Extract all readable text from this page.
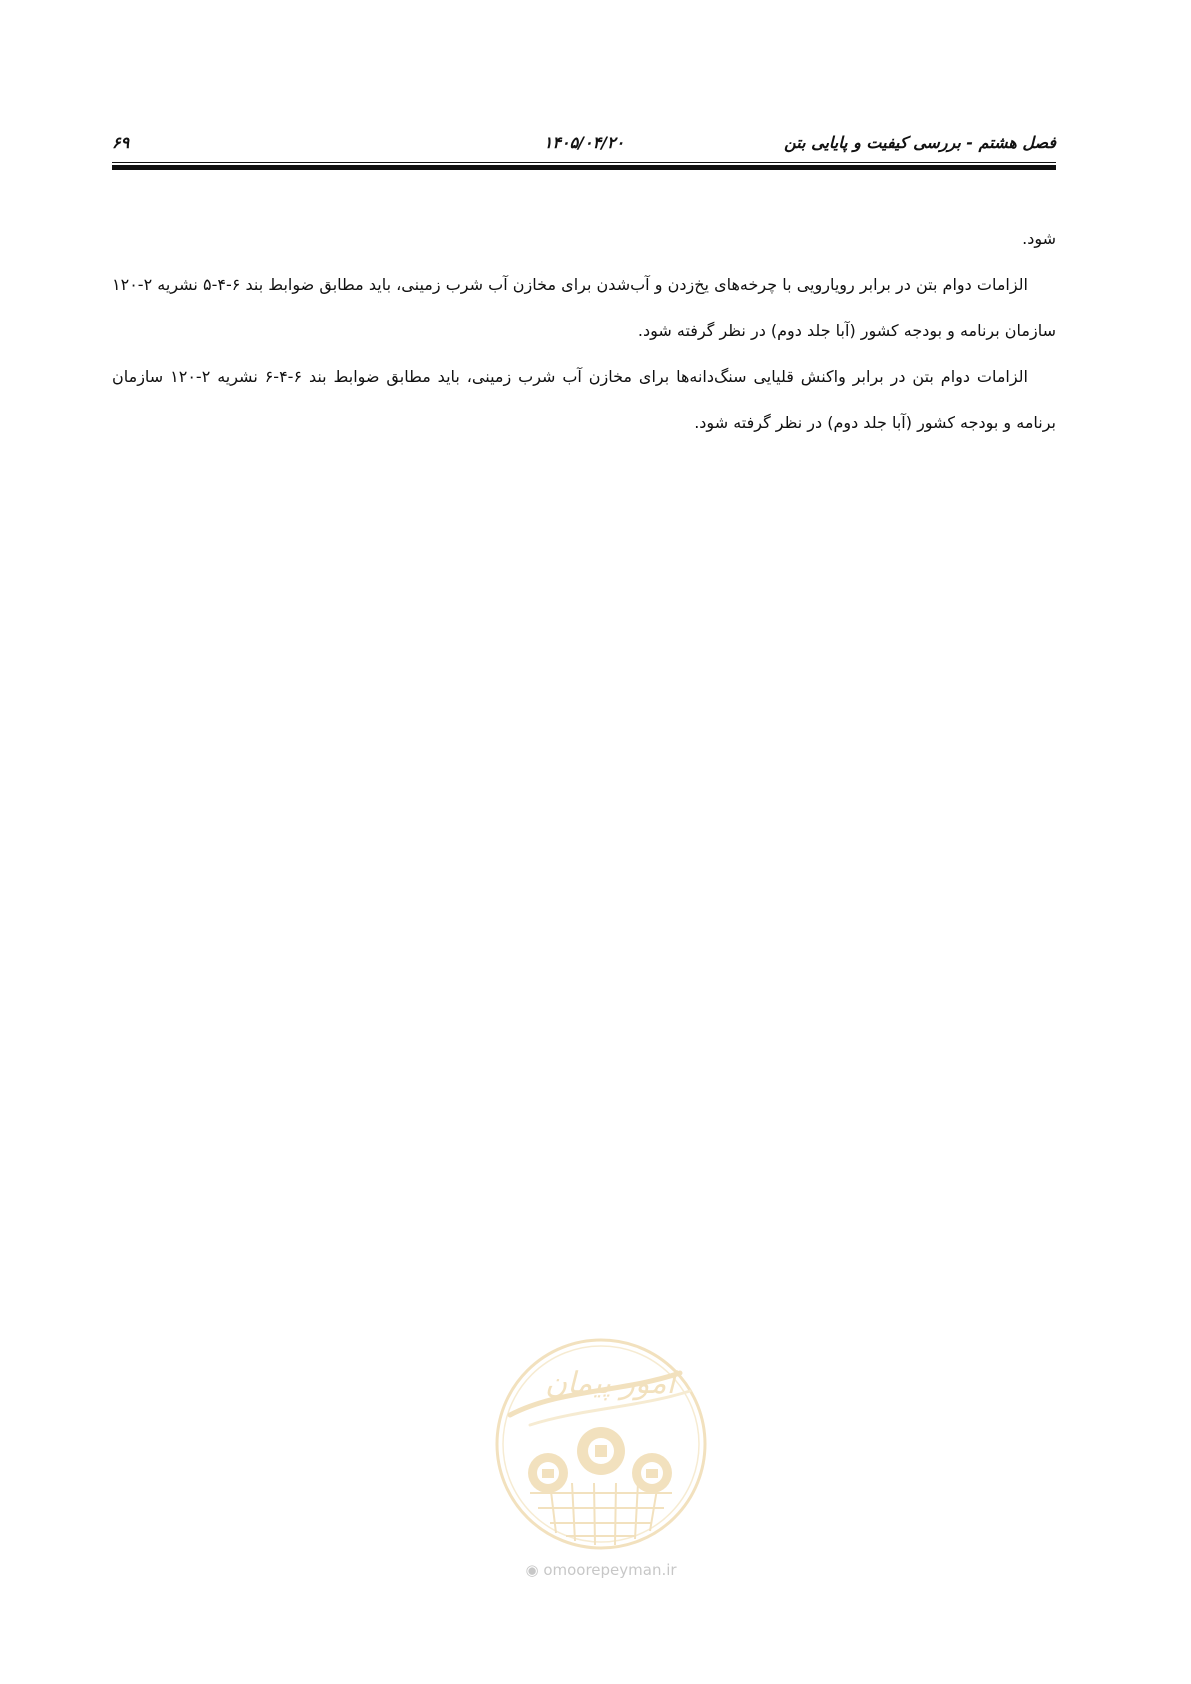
فصل هشتم - بررسی کیفیت و پایایی بتن
۱۴۰۵/۰۴/۲۰
۶۹

شود.

الزامات دوام بتن در برابر رویارویی با چرخه‌های یخ‌زدن و آب‌شدن برای مخازن آب شرب زمینی، باید مطابق ضوابط بند ۶-۴-۵ نشریه ۲-۱۲۰ سازمان برنامه و بودجه کشور (آبا جلد دوم) در نظر گرفته شود.

الزامات دوام بتن در برابر واکنش قلیایی سنگ‌دانه‌ها برای مخازن آب شرب زمینی، باید مطابق ضوابط بند ۶-۴-۶ نشریه ۲-۱۲۰ سازمان برنامه و بودجه کشور (آبا جلد دوم) در نظر گرفته شود.

امور پیمان
◉ omoorepeyman.ir
